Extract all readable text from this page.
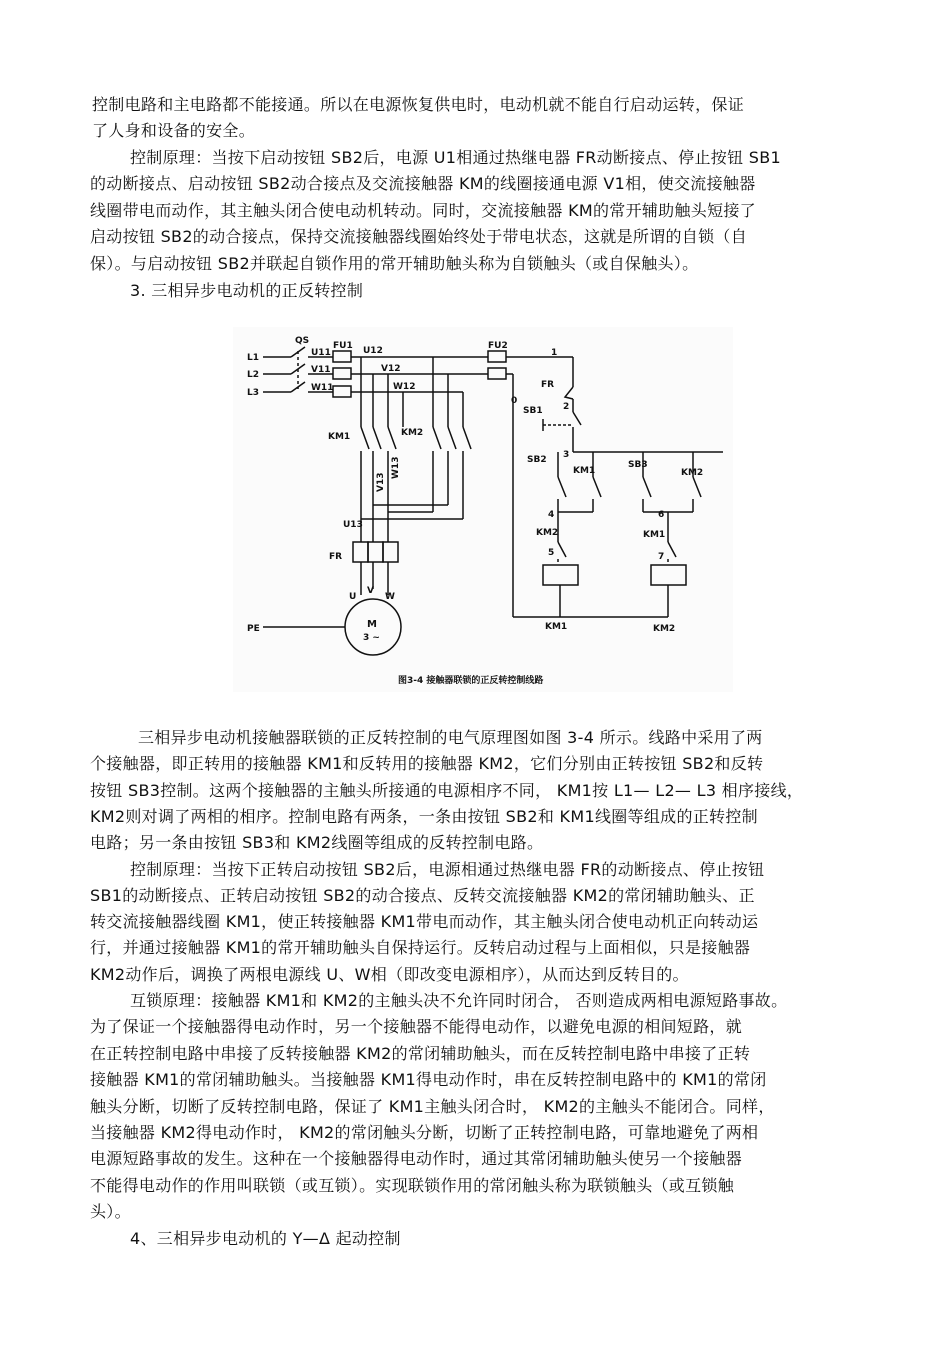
控制电路和主电路都不能接通。所以在电源恢复供电时，电动机就不能自行启动运转，保证
了人身和设备的安全。
控制原理：当按下启动按钮 SB2后，电源 U1相通过热继电器 FR动断接点、停止按钮 SB1
的动断接点、启动按钮 SB2动合接点及交流接触器 KM的线圈接通电源 V1相，使交流接触器
线圈带电而动作，其主触头闭合使电动机转动。同时，交流接触器 KM的常开辅助触头短接了
启动按钮 SB2的动合接点，保持交流接触器线圈始终处于带电状态，这就是所谓的自锁（自
保）。与启动按钮 SB2并联起自锁作用的常开辅助触头称为自锁触头（或自保触头）。
3. 三相异步电动机的正反转控制
QS	FU1	FU2
L1
L2
L3
U11
V11
W11
U12
V12
W12
KM1	KM2
V13
W13
U13
FR
U
V
W
PE	M
3 ~
0
1
2
3
4
5
6
7
FR
SB1
SB2
KM1
SB3
KM2
KM2	KM1
KM1	KM2
图3-4 接触器联锁的正反转控制线路
三相异步电动机接触器联锁的正反转控制的电气原理图如图 3-4 所示。线路中采用了两
个接触器，即正转用的接触器 KM1和反转用的接触器 KM2，它们分别由正转按钮 SB2和反转
按钮 SB3控制。这两个接触器的主触头所接通的电源相序不同， KM1按 L1— L2— L3 相序接线，
KM2则对调了两相的相序。控制电路有两条，一条由按钮 SB2和 KM1线圈等组成的正转控制
电路；另一条由按钮 SB3和 KM2线圈等组成的反转控制电路。
控制原理：当按下正转启动按钮 SB2后，电源相通过热继电器 FR的动断接点、停止按钮
SB1的动断接点、正转启动按钮 SB2的动合接点、反转交流接触器 KM2的常闭辅助触头、正
转交流接触器线圈 KM1，使正转接触器 KM1带电而动作，其主触头闭合使电动机正向转动运
行，并通过接触器 KM1的常开辅助触头自保持运行。反转启动过程与上面相似，只是接触器
KM2动作后，调换了两根电源线 U、W相（即改变电源相序），从而达到反转目的。
互锁原理：接触器 KM1和 KM2的主触头决不允许同时闭合， 否则造成两相电源短路事故。
为了保证一个接触器得电动作时，另一个接触器不能得电动作，以避免电源的相间短路，就
在正转控制电路中串接了反转接触器 KM2的常闭辅助触头，而在反转控制电路中串接了正转
接触器 KM1的常闭辅助触头。当接触器 KM1得电动作时，串在反转控制电路中的 KM1的常闭
触头分断，切断了反转控制电路，保证了 KM1主触头闭合时， KM2的主触头不能闭合。同样，
当接触器 KM2得电动作时， KM2的常闭触头分断，切断了正转控制电路，可靠地避免了两相
电源短路事故的发生。这种在一个接触器得电动作时，通过其常闭辅助触头使另一个接触器
不能得电动作的作用叫联锁（或互锁）。实现联锁作用的常闭触头称为联锁触头（或互锁触
头）。
4、三相异步电动机的 Y—Δ 起动控制
